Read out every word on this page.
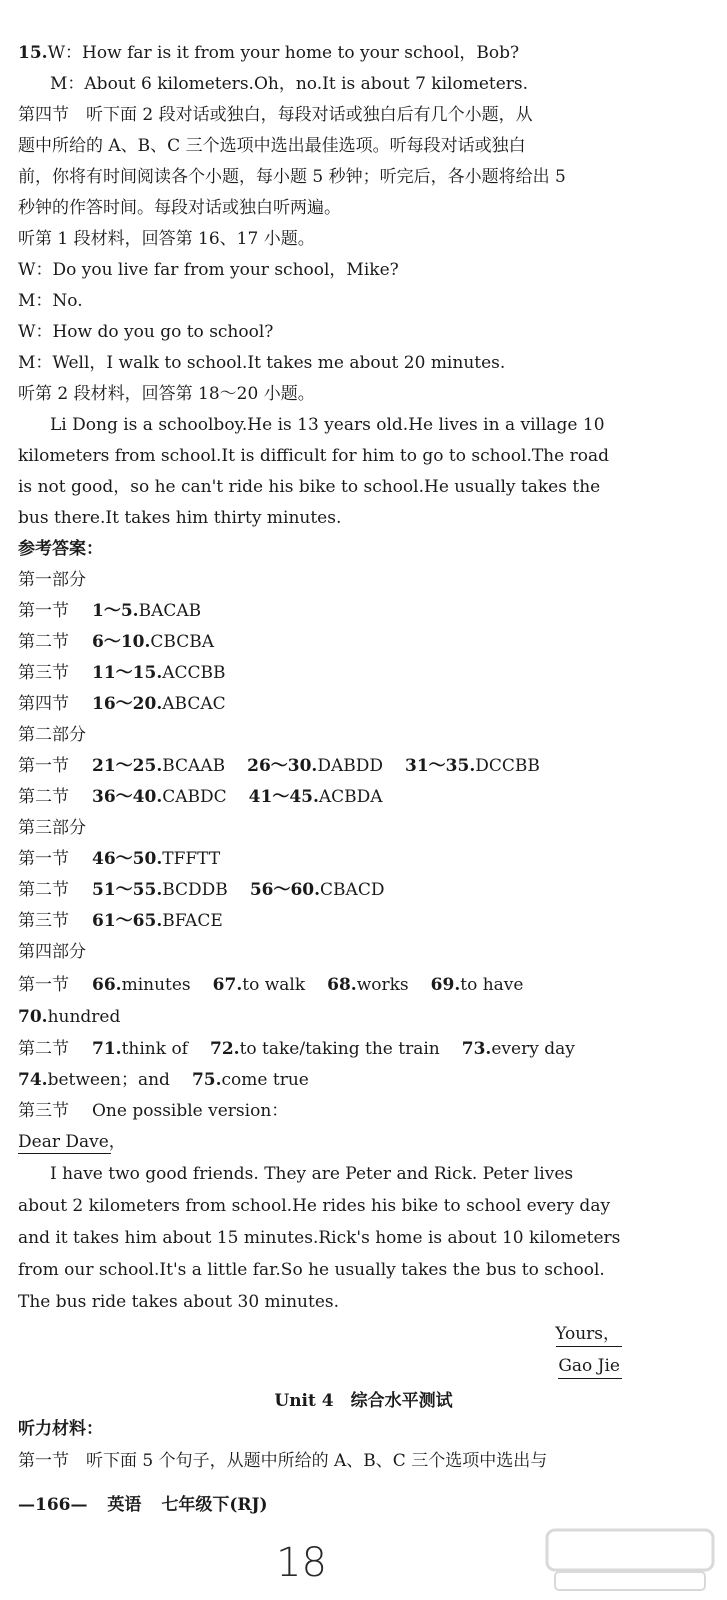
15.W：How far is it from your home to your school，Bob?
M：About 6 kilometers.Oh，no.It is about 7 kilometers.
第四节　听下面 2 段对话或独白，每段对话或独白后有几个小题，从
题中所给的 A、B、C 三个选项中选出最佳选项。听每段对话或独白
前，你将有时间阅读各个小题，每小题 5 秒钟；听完后，各小题将给出 5
秒钟的作答时间。每段对话或独白听两遍。
听第 1 段材料，回答第 16、17 小题。
W：Do you live far from your school，Mike?
M：No.
W：How do you go to school?
M：Well，I walk to school.It takes me about 20 minutes.
听第 2 段材料，回答第 18～20 小题。
Li Dong is a schoolboy.He is 13 years old.He lives in a village 10
kilometers from school.It is difficult for him to go to school.The road
is not good，so he can't ride his bike to school.He usually takes the
bus there.It takes him thirty minutes.
参考答案：
第一部分
第一节 1～5.BACAB
第二节 6～10.CBCBA
第三节 11～15.ACCBB
第四节 16～20.ABCAC
第二部分
第一节 21～25.BCAAB 26～30.DABDD 31～35.DCCBB
第二节 36～40.CABDC 41～45.ACBDA
第三部分
第一节 46～50.TFFTT
第二节 51～55.BCDDB 56～60.CBACD
第三节 61～65.BFACE
第四部分
第一节 66.minutes 67.to walk 68.works 69.to have
70.hundred
第二节 71.think of 72.to take/taking the train 73.every day
74.between；and 75.come true
第三节 One possible version：
Dear Dave，
I have two good friends. They are Peter and Rick. Peter lives
about 2 kilometers from school.He rides his bike to school every day
and it takes him about 15 minutes.Rick's home is about 10 kilometers
from our school.It's a little far.So he usually takes the bus to school.
The bus ride takes about 30 minutes.
Yours，
Gao Jie
Unit 4　综合水平测试
听力材料：
第一节　听下面 5 个句子，从题中所给的 A、B、C 三个选项中选出与
—166— 英语 七年级下(RJ)
18
